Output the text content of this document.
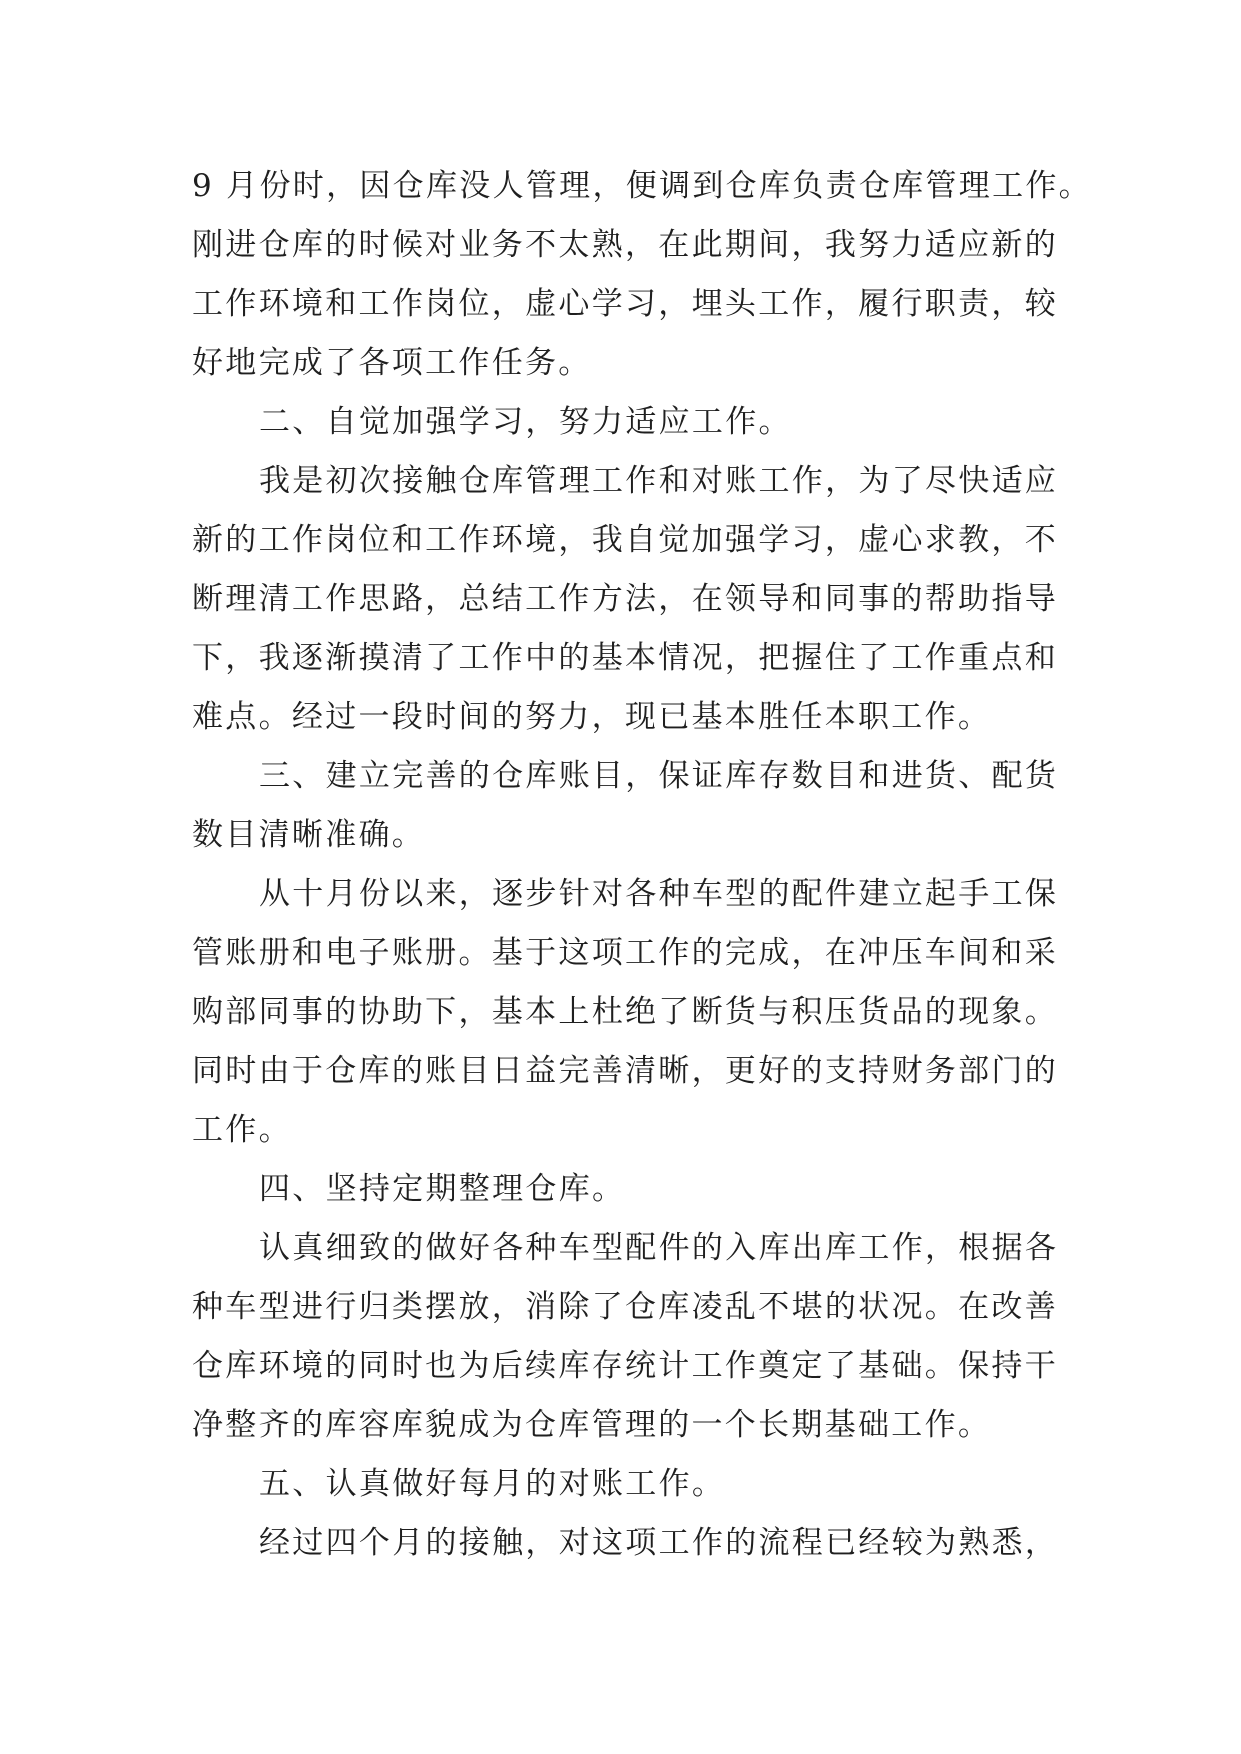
9 月份时，因仓库没人管理，便调到仓库负责仓库管理工作。
刚进仓库的时候对业务不太熟，在此期间，我努力适应新的
工作环境和工作岗位，虚心学习，埋头工作，履行职责，较
好地完成了各项工作任务。
二、自觉加强学习，努力适应工作。
我是初次接触仓库管理工作和对账工作，为了尽快适应
新的工作岗位和工作环境，我自觉加强学习，虚心求教，不
断理清工作思路，总结工作方法，在领导和同事的帮助指导
下，我逐渐摸清了工作中的基本情况，把握住了工作重点和
难点。经过一段时间的努力，现已基本胜任本职工作。
三、建立完善的仓库账目，保证库存数目和进货、配货
数目清晰准确。
从十月份以来，逐步针对各种车型的配件建立起手工保
管账册和电子账册。基于这项工作的完成，在冲压车间和采
购部同事的协助下，基本上杜绝了断货与积压货品的现象。
同时由于仓库的账目日益完善清晰，更好的支持财务部门的
工作。
四、坚持定期整理仓库。
认真细致的做好各种车型配件的入库出库工作，根据各
种车型进行归类摆放，消除了仓库凌乱不堪的状况。在改善
仓库环境的同时也为后续库存统计工作奠定了基础。保持干
净整齐的库容库貌成为仓库管理的一个长期基础工作。
五、认真做好每月的对账工作。
经过四个月的接触，对这项工作的流程已经较为熟悉，
